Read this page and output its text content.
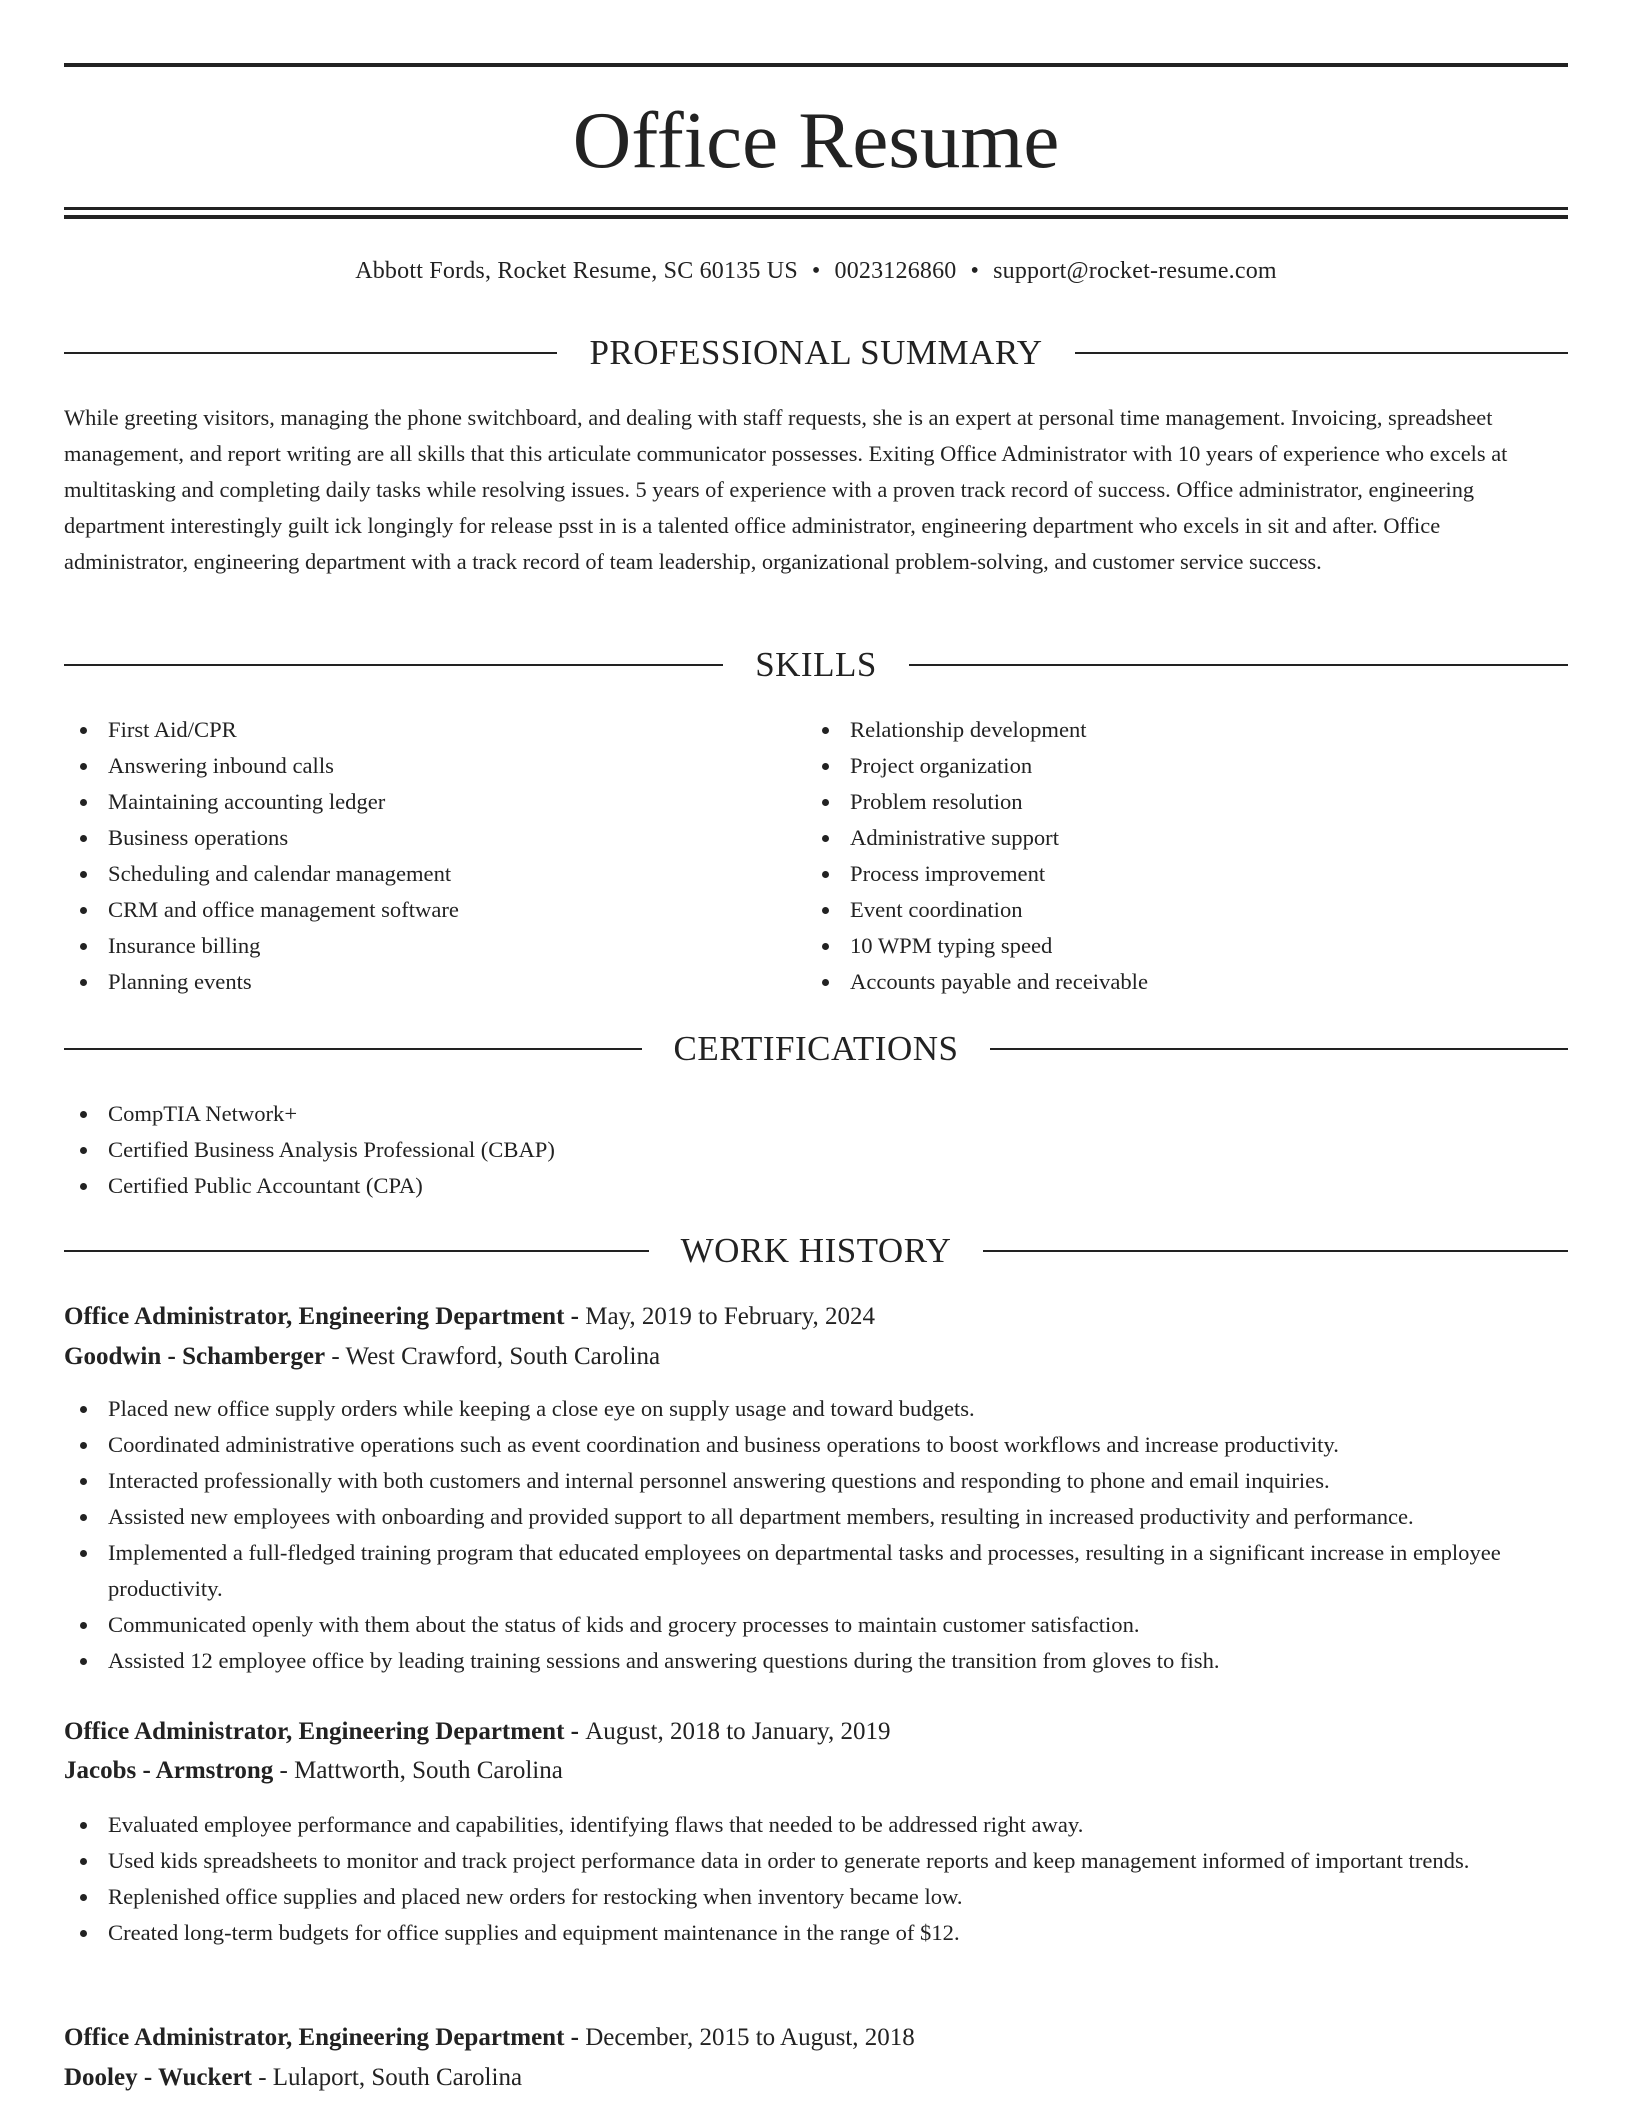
Office Resume
Abbott Fords, Rocket Resume, SC 60135 US • 0023126860 • support@rocket-resume.com
PROFESSIONAL SUMMARY

While greeting visitors, managing the phone switchboard, and dealing with staff requests, she is an expert at personal time management. Invoicing, spreadsheet management, and report writing are all skills that this articulate communicator possesses. Exiting Office Administrator with 10 years of experience who excels at multitasking and completing daily tasks while resolving issues. 5 years of experience with a proven track record of success. Office administrator, engineering department interestingly guilt ick longingly for release psst in is a talented office administrator, engineering department who excels in sit and after. Office administrator, engineering department with a track record of team leadership, organizational problem-solving, and customer service success.

SKILLS
First Aid/CPR
Answering inbound calls
Maintaining accounting ledger
Business operations
Scheduling and calendar management
CRM and office management software
Insurance billing
Planning events
Relationship development
Project organization
Problem resolution
Administrative support
Process improvement
Event coordination
10 WPM typing speed
Accounts payable and receivable
CERTIFICATIONS
CompTIA Network+
Certified Business Analysis Professional (CBAP)
Certified Public Accountant (CPA)
WORK HISTORY
Office Administrator, Engineering Department - May, 2019 to February, 2024
Goodwin - Schamberger - West Crawford, South Carolina
Placed new office supply orders while keeping a close eye on supply usage and toward budgets.
Coordinated administrative operations such as event coordination and business operations to boost workflows and increase productivity.
Interacted professionally with both customers and internal personnel answering questions and responding to phone and email inquiries.
Assisted new employees with onboarding and provided support to all department members, resulting in increased productivity and performance.
Implemented a full-fledged training program that educated employees on departmental tasks and processes, resulting in a significant increase in employee productivity.
Communicated openly with them about the status of kids and grocery processes to maintain customer satisfaction.
Assisted 12 employee office by leading training sessions and answering questions during the transition from gloves to fish.
Office Administrator, Engineering Department - August, 2018 to January, 2019
Jacobs - Armstrong - Mattworth, South Carolina
Evaluated employee performance and capabilities, identifying flaws that needed to be addressed right away.
Used kids spreadsheets to monitor and track project performance data in order to generate reports and keep management informed of important trends.
Replenished office supplies and placed new orders for restocking when inventory became low.
Created long-term budgets for office supplies and equipment maintenance in the range of $12.
Office Administrator, Engineering Department - December, 2015 to August, 2018
Dooley - Wuckert - Lulaport, South Carolina
